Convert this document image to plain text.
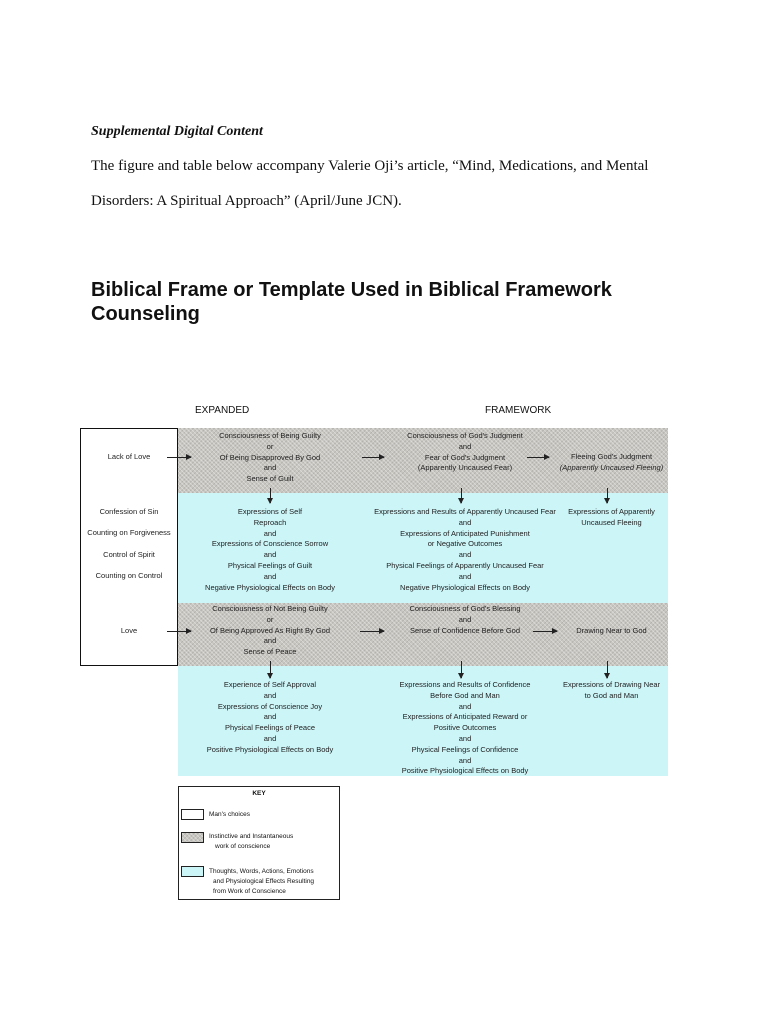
Supplemental Digital Content
The figure and table below accompany Valerie Oji’s article, “Mind, Medications, and Mental
Disorders: A Spiritual Approach” (April/June JCN).
Biblical Frame or Template Used in Biblical Framework Counseling
EXPANDED	FRAMEWORK
Lack of Love
Confession of Sin
Counting on Forgiveness
Control of Spirit
Counting on Control
Love
Consciousness of Being Guilty
or
Of Being Disapproved By God
and
Sense of Guilt
Consciousness of God's Judgment
and
Fear of God's Judgment
(Apparently Uncaused Fear)
Fleeing God's Judgment
(Apparently Uncaused Fleeing)
Expressions of Self
Reproach
and
Expressions of Conscience Sorrow
and
Physical Feelings of Guilt
and
Negative Physiological Effects on Body
Expressions and Results of Apparently Uncaused Fear
and
Expressions of Anticipated Punishment
or Negative Outcomes
and
Physical Feelings of Apparently Uncaused Fear
and
Negative Physiological Effects on Body
Expressions of Apparently
Uncaused Fleeing
Consciousness of Not Being Guilty
or
Of Being Approved As Right By God
and
Sense of Peace
Consciousness of God's Blessing
and
Sense of Confidence Before God	Drawing Near to God
Experience of Self Approval
and
Expressions of Conscience Joy
and
Physical Feelings of Peace
and
Positive Physiological Effects on Body
Expressions and Results of Confidence
Before God and Man
and
Expressions of Anticipated Reward or
Positive Outcomes
and
Physical Feelings of Confidence
and
Positive Physiological Effects on Body
Expressions of Drawing Near
to God and Man
KEY
Man's choices
Instinctive and Instantaneous
work of conscience
Thoughts, Words, Actions, Emotions
and Physiological Effects Resulting
from Work of Conscience
